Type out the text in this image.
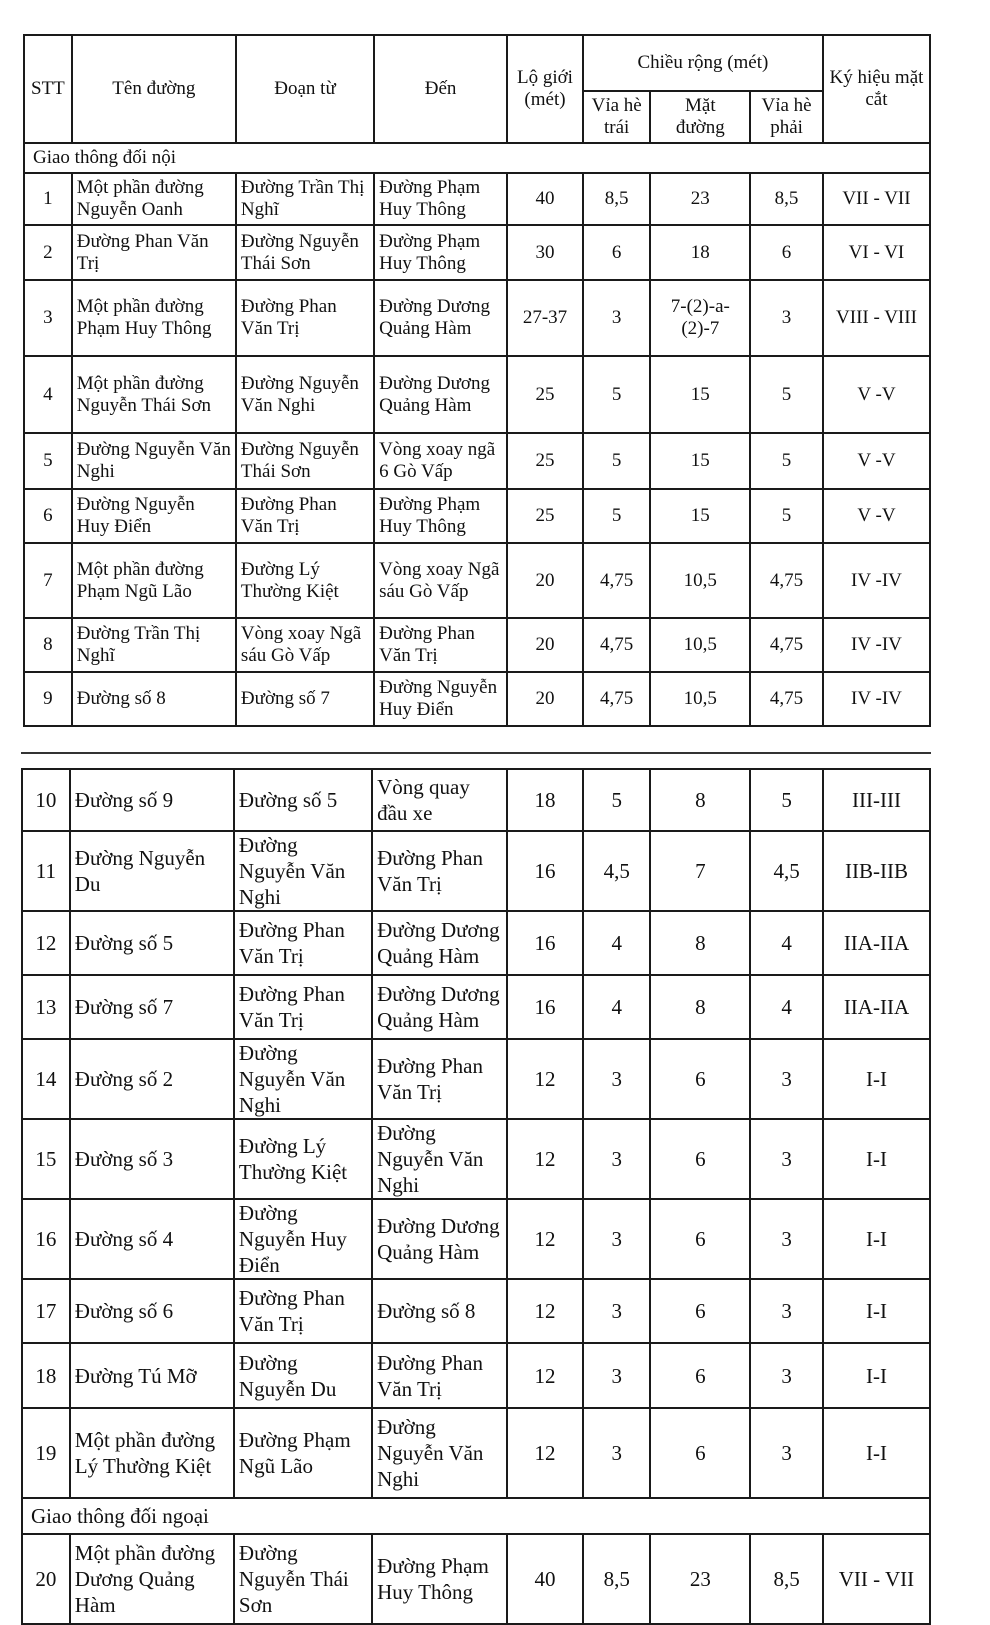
STT	Tên đường	Đoạn từ	Đến	Lộ giới (mét)	Chiều rộng (mét)			Ký hiệu mặt cắt
					Vỉa hè trái	Mặt đường	Vỉa hè phải	
Giao thông đối nội								
1	Một phần đường Nguyễn Oanh	Đường Trần Thị Nghĩ	Đường Phạm Huy Thông	40	8,5	23	8,5	VII - VII
2	Đường Phan Văn Trị	Đường Nguyễn Thái Sơn	Đường Phạm Huy Thông	30	6	18	6	VI - VI
3	Một phần đường Phạm Huy Thông	Đường Phan Văn Trị	Đường Dương Quảng Hàm	27-37	3	7-(2)-a-(2)-7	3	VIII - VIII
4	Một phần đường Nguyễn Thái Sơn	Đường Nguyễn Văn Nghi	Đường Dương Quảng Hàm	25	5	15	5	V -V
5	Đường Nguyễn Văn Nghi	Đường Nguyễn Thái Sơn	Vòng xoay ngã 6 Gò Vấp	25	5	15	5	V -V
6	Đường Nguyễn Huy Điển	Đường Phan Văn Trị	Đường Phạm Huy Thông	25	5	15	5	V -V
7	Một phần đường Phạm Ngũ Lão	Đường Lý Thường Kiệt	Vòng xoay Ngã sáu Gò Vấp	20	4,75	10,5	4,75	IV -IV
8	Đường Trần Thị Nghĩ	Vòng xoay Ngã sáu Gò Vấp	Đường Phan Văn Trị	20	4,75	10,5	4,75	IV -IV
9	Đường số 8	Đường số 7	Đường Nguyễn Huy Điển	20	4,75	10,5	4,75	IV -IV
10	Đường số 9	Đường số 5	Vòng quay đầu xe	18	5	8	5	III-III
11	Đường Nguyễn Du	Đường Nguyễn Văn Nghi	Đường Phan Văn Trị	16	4,5	7	4,5	IIB-IIB
12	Đường số 5	Đường Phan Văn Trị	Đường Dương Quảng Hàm	16	4	8	4	IIA-IIA
13	Đường số 7	Đường Phan Văn Trị	Đường Dương Quảng Hàm	16	4	8	4	IIA-IIA
14	Đường số 2	Đường Nguyễn Văn Nghi	Đường Phan Văn Trị	12	3	6	3	I-I
15	Đường số 3	Đường Lý Thường Kiệt	Đường Nguyễn Văn Nghi	12	3	6	3	I-I
16	Đường số 4	Đường Nguyễn Huy Điển	Đường Dương Quảng Hàm	12	3	6	3	I-I
17	Đường số 6	Đường Phan Văn Trị	Đường số 8	12	3	6	3	I-I
18	Đường Tú Mỡ	Đường Nguyễn Du	Đường Phan Văn Trị	12	3	6	3	I-I
19	Một phần đường Lý Thường Kiệt	Đường Phạm Ngũ Lão	Đường Nguyễn Văn Nghi	12	3	6	3	I-I
Giao thông đối ngoại								
20	Một phần đường Dương Quảng Hàm	Đường Nguyễn Thái Sơn	Đường Phạm Huy Thông	40	8,5	23	8,5	VII - VII
